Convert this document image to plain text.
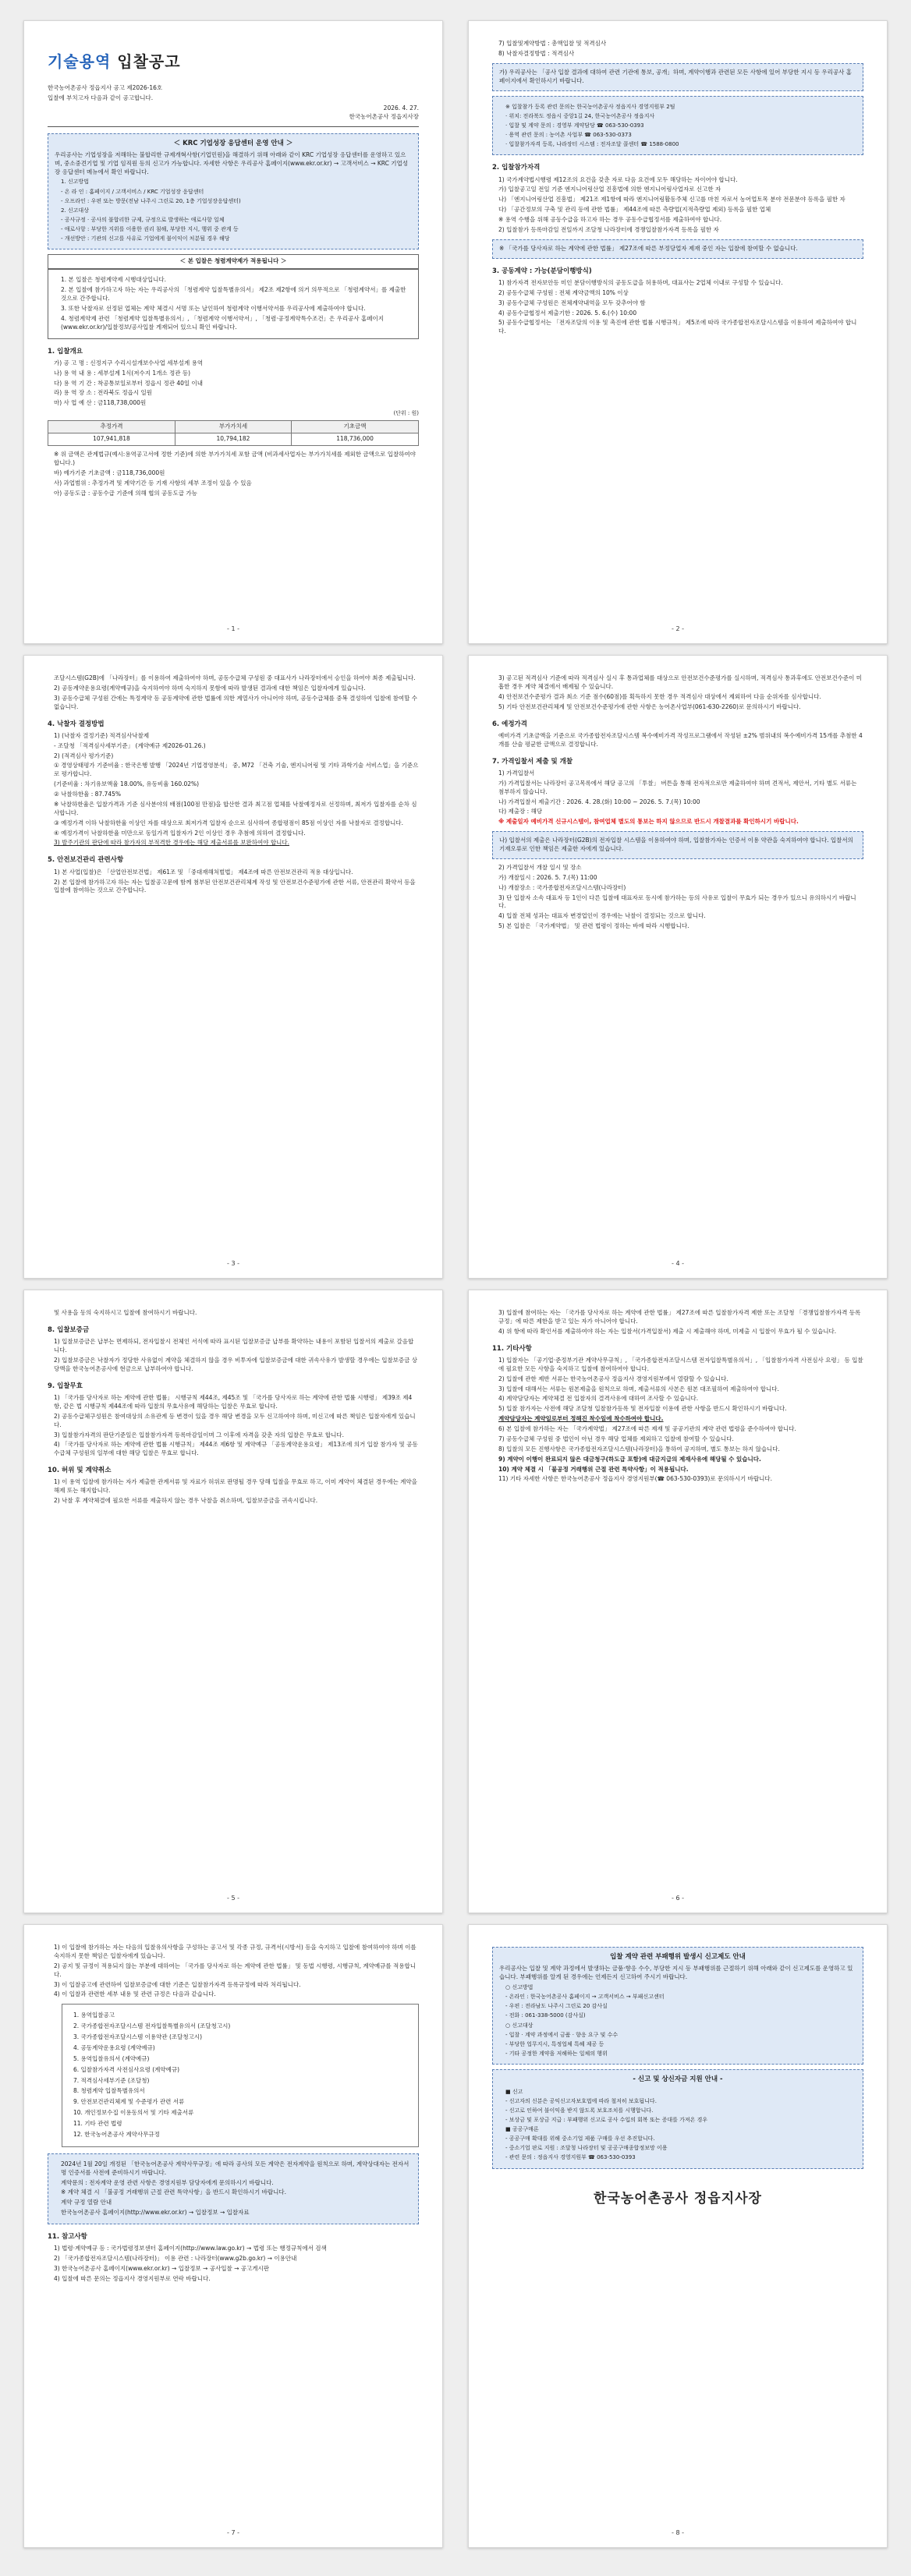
기술용역 입찰공고
한국농어촌공사 정읍지사 공고 제2026-16호
입찰에 부치고자 다음과 같이 공고합니다.
2026. 4. 27.
한국농어촌공사 정읍지사장
＜ KRC 기업성장 응답센터 운영 안내 ＞
우리공사는 기업성장을 저해하는 불합리한 규제개혁사항(기업민원)을 해결하기 위해 아래와 같이 KRC 기업성장 응답센터를 운영하고 있으며, 중소중견기업 및 기업 임직원 등의 신고가 가능합니다. 자세한 사항은 우리공사 홈페이지(www.ekr.or.kr) → 고객서비스 → KRC 기업성장 응답센터 메뉴에서 확인 바랍니다.
1. 신고방법
- 온 라 인 : 홈페이지 / 고객서비스 / KRC 기업성장 응답센터
- 오프라인 : 우편 또는 방문(전남 나주시 그린로 20, 1층 기업성장응답센터)
2. 신고대상
- 공사규정 · 공사의 불합리한 규제, 규정으로 발생하는 애로사항 일체
- 애로사항 : 부당한 지위를 이용한 권리 침해, 부당한 지시, 행위 중 관계 등
- 개선방안 : 기관의 신고를 사유로 기업에게 불이익이 처분될 경우 해당
＜ 본 입찰은 청렴계약제가 적용됩니다 ＞
1. 본 입찰은 청렴계약제 시행대상입니다.
2. 본 입찰에 참가하고자 하는 자는 우리공사의 「청렴계약 입찰특별유의서」 제2조 제2항에 의거 의무적으로 「청렴계약서」를 제출한 것으로 간주합니다.
3. 또한 낙찰자로 선정된 업체는 계약 체결시 서명 또는 날인하여 청렴계약 이행서약서를 우리공사에 제출하여야 합니다.
4. 청렴계약제 관련 「청렴계약 입찰특별유의서」, 「청렴계약 이행서약서」, 「청렴·공정계약특수조건」은 우리공사 홈페이지(www.ekr.or.kr)/입찰정보/공사입찰 게재되어 있으니 확인 바랍니다.
1. 입찰개요
가) 공 고 명 : 신정지구 수리시설개보수사업 세부설계 용역
나) 용 역 내 용 : 세부설계 1식(저수지 1개소 정관 등)
다) 용 역 기 간 : 착공통보일로부터 정읍시 정관 40일 이내
라) 용 역 장 소 : 전라북도 정읍시 일원
마) 사 업 예 산 : 금118,738,000원
(단위 : 원)
추정가격	부가가치세	기초금액
107,941,818	10,794,182	118,736,000
※ 위 금액은 관계법규(예시:용역공고서에 정한 기준)에 의한 부가가치세 포함 금액 (비과세사업자는 부가가치세를 제외한 금액으로 입찰하여야 합니다.)
바) 예가기준 기초금액 : 금118,736,000원
사) 과업범위 : 추정가격 및 계약기간 등 기재 사항의 세부 조정이 있을 수 있음
아) 공동도급 : 공동수급 기준에 의해 협의 공동도급 가능
- 1 -
7) 입찰및계약방법 : 총액입찰 및 적격심사
8) 낙찰자결정방법 : 적격심사
가) 우리공사는 「공사 입찰 결과에 대하여 관련 기관에 통보, 공개」하며, 계약이행과 관련된 모든 사항에 있어 부당한 지시 등 우리공사 홈페이지에서 확인하시기 바랍니다.
※ 입찰참가 등록 관련 문의는 한국농어촌공사 정읍지사 경영지원부 2팀
· 위치: 전라북도 정읍시 중앙1길 24, 한국농어촌공사 정읍지사
· 입찰 및 계약 문의 : 경영부 계약담당 ☎ 063-530-0393
· 용역 관련 문의 : 농어촌 사업부 ☎ 063-530-0373
· 입찰참가자격 등록, 나라장터 시스템 : 전자조달 콜센터 ☎ 1588-0800
2. 입찰참가자격
1) 국가계약법시행령 제12조의 요건을 갖춘 자로 다음 요건에 모두 해당하는 자이어야 합니다.
가) 입찰공고일 전일 기준 엔지니어링산업 진흥법에 의한 엔지니어링사업자로 신고한 자
나) 「엔지니어링산업 진흥법」 제21조 제1항에 따라 엔지니어링활동주체 신고를 마친 자로서 농어업토목 분야 전문분야 등록을 필한 자
다) 「공간정보의 구축 및 관리 등에 관한 법률」 제44조에 따른 측량업(지적측량업 제외) 등록을 필한 업체
※ 용역 수행을 위해 공동수급을 하고자 하는 경우 공동수급협정서를 제출하여야 합니다.
2) 입찰참가 등록마감일 전일까지 조달청 나라장터에 경쟁입찰참가자격 등록을 필한 자
※ 「국가를 당사자로 하는 계약에 관한 법률」 제27조에 따른 부정당업자 제재 중인 자는 입찰에 참여할 수 없습니다.
3. 공동계약 : 가능(분담이행방식)
1) 참가자격 전자보안등 미인 분담이행방식의 공동도급을 허용하며, 대표사는 2업체 이내로 구성할 수 있습니다.
2) 공동수급체 구성원 : 전체 계약금액의 10% 이상
3) 공동수급체 구성원은 전체계약내역을 모두 갖추어야 함
4) 공동수급협정서 제출기한 : 2026. 5. 6.(수) 10:00
5) 공동수급협정서는 「전자조달의 이용 및 촉진에 관한 법률 시행규칙」 제5조에 따라 국가종합전자조달시스템을 이용하여 제출하여야 합니다.
- 2 -
조달시스템(G2B)에 「나라장터」를 이용하여 제출하여야 하며, 공동수급체 구성원 중 대표사가 나라장터에서 승인을 하여야 최종 제출됩니다.
2) 공동계약운용요령(계약예규)을 숙지하여야 하며 숙지하지 못함에 따라 발생된 결과에 대한 책임은 입찰자에게 있습니다.
3) 공동수급체 구성원 간에는 특정계약 등 공동계약에 관한 법률에 의한 계열사가 아니어야 하며, 공동수급체를 중복 결성하여 입찰에 참여할 수 없습니다.
4. 낙찰자 결정방법
1) (낙찰자 결정기준) 적격심사낙찰제
- 조달청 「적격심사세부기준」 (계약예규 제2026-01.26.)
2) (적격심사 평가기준)
① 경영상태평가 기준비율 : 한국은행 발행 「2024년 기업경영분석」 중, M72 「건축 기술, 엔지니어링 및 기타 과학기술 서비스업」을 기준으로 평가합니다.
(기준비율 : 차기유보액율 18.00%, 유동비율 160.02%)
② 낙찰하한율 : 87.745%
※ 낙찰하한율은 입찰가격과 기준 심사분야의 배점(100점 만점)을 합산한 결과 최고점 업체를 낙찰예정자로 선정하며, 최저가 입찰자를 순차 심사합니다.
③ 예정가격 이하 낙찰하한율 이상인 자를 대상으로 최저가격 입찰자 순으로 심사하여 종합평점이 85점 이상인 자를 낙찰자로 결정합니다.
④ 예정가격이 낙찰하한율 미만으로 동일가격 입찰자가 2인 이상인 경우 추첨에 의하여 결정합니다.
3) 발주기관의 판단에 따라 참가자의 부적격한 경우에는 해당 제출서류를 보완하여야 합니다.
5. 안전보건관리 관련사항
1) 본 사업(입찰)은 「산업안전보건법」 제61조 및 「중대재해처벌법」 제4조에 따른 안전보건관리 적용 대상입니다.
2) 본 입찰에 참가하고자 하는 자는 입찰공고문에 함께 첨부된 안전보건관리체계 작성 및 안전보건수준평가에 관한 서류, 안전관리 확약서 등을 입찰에 참여하는 것으로 간주합니다.
- 3 -
3) 공고된 적격심사 기준에 따라 적격심사 실시 후 통과업체를 대상으로 안전보건수준평가를 실시하며, 적격심사 통과후에도 안전보건수준이 미흡한 경우 계약 체결에서 배제될 수 있습니다.
4) 안전보건수준평가 결과 최소 기준 점수(60점)를 획득하지 못한 경우 적격심사 대상에서 제외하여 다음 순위자를 심사합니다.
5) 기타 안전보건관리체계 및 안전보건수준평가에 관한 사항은 농어촌사업부(061-630-2260)로 문의하시기 바랍니다.
6. 예정가격
예비가격 기초금액을 기준으로 국가종합전자조달시스템 복수예비가격 작성프로그램에서 작성된 ±2% 범위내의 복수예비가격 15개를 추첨한 4개를 산술 평균한 금액으로 결정합니다.
7. 가격입찰서 제출 및 개찰
1) 가격입찰서
가) 가격입찰서는 나라장터 공고목록에서 해당 공고의 「투찰」 버튼을 통해 전자적으로만 제출하여야 하며 견적서, 제안서, 기타 별도 서류는 첨부하지 않습니다.
나) 가격입찰서 제출기간 : 2026. 4. 28.(화) 10:00 ~ 2026. 5. 7.(목) 10:00
다) 제출장 : 해당
※ 제출일자 예비가격 신규시스템이, 참여업체 별도의 통보는 하지 않으므로 반드시 개찰결과를 확인하시기 바랍니다.
나) 입찰서의 제출은 나라장터(G2B)의 전자입찰 시스템을 이용하여야 하며, 입찰참가자는 인증서 이용 약관을 숙지하여야 합니다. 입찰서의 기재오류로 인한 책임은 제출한 자에게 있습니다.
2) 가격입찰서 개찰 일시 및 장소
가) 개찰일시 : 2026. 5. 7.(목) 11:00
나) 개찰장소 : 국가종합전자조달시스템(나라장터)
3) 단 입찰자 소속 대표자 등 1인이 다른 입찰에 대표자로 동시에 참가하는 등의 사유로 입찰이 무효가 되는 경우가 있으니 유의하시기 바랍니다.
4) 입찰 전체 성과는 대표자 변경업인이 경우에는 낙찰이 결정되는 것으로 합니다.
5) 본 입찰은 「국가계약법」 및 관련 법령이 정하는 바에 따라 시행합니다.
- 4 -
및 사용을 동의 숙지하시고 입찰에 참여하시기 바랍니다.
8. 입찰보증금
1) 입찰보증금은 납부는 면제하되, 전자입찰시 전체인 서식에 따라 표시된 입찰보증금 납부를 확약하는 내용이 포함된 입찰서의 제출로 갈음합니다.
2) 입찰보증금은 낙찰자가 정당한 사유없이 계약을 체결하지 않을 경우 비투자에 입찰보증금에 대한 귀속사유가 발생할 경우에는 입찰보증금 상당액을 한국농어촌공사에 현금으로 납부하여야 합니다.
9. 입찰무효
1) 「국가를 당사자로 하는 계약에 관한 법률」 시행규칙 제44조, 제45조 및 「국가를 당사자로 하는 계약에 관한 법률 시행령」 제39조 제4항, 같은 법 시행규칙 제44조에 따라 입찰의 무효사유에 해당하는 입찰은 무효로 합니다.
2) 공동수급체구성원은 참여대상의 소유관계 등 변경이 있을 경우 해당 변경을 모두 신고하여야 하며, 미신고에 따른 책임은 입찰자에게 있습니다.
3) 입찰참가자격의 판단기준일은 입찰참가자격 등록마감일이며 그 이후에 자격을 갖춘 자의 입찰은 무효로 합니다.
4) 「국가를 당사자로 하는 계약에 관한 법률 시행규칙」 제44조 제6항 및 계약예규 「공동계약운용요령」 제13조에 의거 입찰 참가자 및 공동수급체 구성원의 일부에 대한 해당 입찰은 무효로 합니다.
10. 허위 및 계약취소
1) 이 용역 입찰에 참가하는 자가 제출한 관계서류 및 자료가 허위로 판명될 경우 당해 입찰을 무효로 하고, 이미 계약이 체결된 경우에는 계약을 해제 또는 해지합니다.
2) 낙찰 후 계약체결에 필요한 서류를 제출하지 않는 경우 낙찰을 취소하며, 입찰보증금을 귀속시킵니다.
- 5 -
3) 입찰에 참여하는 자는 「국가를 당사자로 하는 계약에 관한 법률」 제27조에 따른 입찰참가자격 제한 또는 조달청 「경쟁입찰참가자격 등록규정」에 따른 제한을 받고 있는 자가 아니어야 합니다.
4) 위 항에 따라 확인서를 제출하여야 하는 자는 입찰서(가격입찰서) 제출 시 제출해야 하며, 미제출 시 입찰이 무효가 될 수 있습니다.
11. 기타사항
1) 입찰자는 「공기업·준정부기관 계약사무규칙」, 「국가종합전자조달시스템 전자입찰특별유의서」, 「입찰참가자격 사전심사 요령」 등 입찰에 필요한 모든 사항을 숙지하고 입찰에 참여하여야 합니다.
2) 입찰에 관한 제반 서류는 한국농어촌공사 정읍지사 경영지원부에서 열람할 수 있습니다.
3) 입찰에 대해서는 서류는 원본제출을 원칙으로 하며, 제출서류의 사본은 원본 대조필하여 제출하여야 합니다.
4) 계약담당자는 계약체결 전 입찰자의 결격사유에 대하여 조사할 수 있습니다.
5) 입찰 참가자는 사전에 해당 조달청 입찰참가등록 및 전자입찰 이용에 관한 사항을 반드시 확인하시기 바랍니다.
계약담당자는 계약일로부터 정해진 착수일에 착수하여야 합니다.
6) 본 입찰에 참가하는 자는 「국가계약법」 제27조에 따른 제재 및 공공기관의 계약 관련 법령을 준수하여야 합니다.
7) 공동수급체 구성원 중 법인이 아닌 경우 해당 업체를 제외하고 입찰에 참여할 수 있습니다.
8) 입찰의 모든 진행사항은 국가종합전자조달시스템(나라장터)을 통하여 공지하며, 별도 통보는 하지 않습니다.
9) 계약이 이행이 완료되지 않은 대금청구(하도급 포함)에 대금지급의 제재사유에 해당될 수 있습니다.
10) 계약 체결 시 「불공정 거래행위 근절 관련 특약사항」이 적용됩니다.
11) 기타 자세한 사항은 한국농어촌공사 정읍지사 경영지원부(☎ 063-530-0393)로 문의하시기 바랍니다.
- 6 -
1) 이 입찰에 참가하는 자는 다음의 입찰유의사항을 구성하는 공고서 및 각종 규정, 규격서(시방서) 등을 숙지하고 입찰에 참여하여야 하며 이를 숙지하지 못한 책임은 입찰자에게 있습니다.
2) 공지 및 규정이 적용되지 않는 부분에 대하여는 「국가를 당사자로 하는 계약에 관한 법률」 및 동법 시행령, 시행규칙, 계약예규를 적용합니다.
3) 이 입찰공고에 관련하여 입찰보증금에 대한 기준은 입찰참가자격 등록규정에 따라 처리됩니다.
4) 이 입찰과 관련한 세부 내용 및 관련 규정은 다음과 같습니다.
1. 용역입찰공고
2. 국가종합전자조달시스템 전자입찰특별유의서 (조달청고시)
3. 국가종합전자조달시스템 이용약관 (조달청고시)
4. 공동계약운용요령 (계약예규)
5. 용역입찰유의서 (계약예규)
6. 입찰참가자격 사전심사요령 (계약예규)
7. 적격심사세부기준 (조달청)
8. 청렴계약 입찰특별유의서
9. 안전보건관리체계 및 수준평가 관련 서류
10. 개인정보수집 이용동의서 및 기타 제출서류
11. 기타 관련 법령
12. 한국농어촌공사 계약사무규정
2024년 1월 20일 개정된 「한국농어촌공사 계약사무규정」에 따라 공사의 모든 계약은 전자계약을 원칙으로 하며, 계약상대자는 전자서명 인증서를 사전에 준비하시기 바랍니다.
계약문의 : 전자계약 운영 관련 사항은 경영지원부 담당자에게 문의하시기 바랍니다.
※ 계약 체결 시 「불공정 거래행위 근절 관련 특약사항」을 반드시 확인하시기 바랍니다.
계약 규정 열람 안내
한국농어촌공사 홈페이지(http://www.ekr.or.kr) → 입찰정보 → 입찰자료
11. 참고사항
1) 법령·계약예규 등 : 국가법령정보센터 홈페이지(http://www.law.go.kr) → 법령 또는 행정규칙에서 검색
2) 「국가종합전자조달시스템(나라장터)」 이용 관련 : 나라장터(www.g2b.go.kr) → 이용안내
3) 한국농어촌공사 홈페이지(www.ekr.or.kr) → 입찰정보 → 공사입찰 → 공고게시판
4) 입찰에 따른 문의는 정읍지사 경영지원부로 연락 바랍니다.
- 7 -
입찰 계약 관련 부패행위 발생시 신고제도 안내
우리공사는 입찰 및 계약 과정에서 발생하는 금품·향응 수수, 부당한 지시 등 부패행위를 근절하기 위해 아래와 같이 신고제도를 운영하고 있습니다. 부패행위를 알게 된 경우에는 언제든지 신고하여 주시기 바랍니다.
○ 신고방법
- 온라인 : 한국농어촌공사 홈페이지 → 고객서비스 → 부패신고센터
- 우편 : 전라남도 나주시 그린로 20 감사실
- 전화 : 061-338-5000 (감사실)
○ 신고대상
- 입찰 · 계약 과정에서 금품 · 향응 요구 및 수수
- 부당한 업무지시, 특정업체 특혜 제공 등
- 기타 공정한 계약을 저해하는 일체의 행위
- 신고 및 상신자금 지원 안내 -
■ 신고
- 신고자의 신분은 공익신고자보호법에 따라 철저히 보호됩니다.
- 신고로 인하여 불이익을 받지 않도록 보호조치를 시행합니다.
- 보상금 및 포상금 지급 : 부패행위 신고로 공사 수입의 회복 또는 증대를 가져온 경우
■ 공공구매론
- 공공구매 확대를 위해 중소기업 제품 구매를 우선 추진합니다.
- 중소기업 판로 지원 : 조달청 나라장터 및 공공구매종합정보망 이용
- 관련 문의 : 정읍지사 경영지원부 ☎ 063-530-0393
한국농어촌공사 정읍지사장
- 8 -
